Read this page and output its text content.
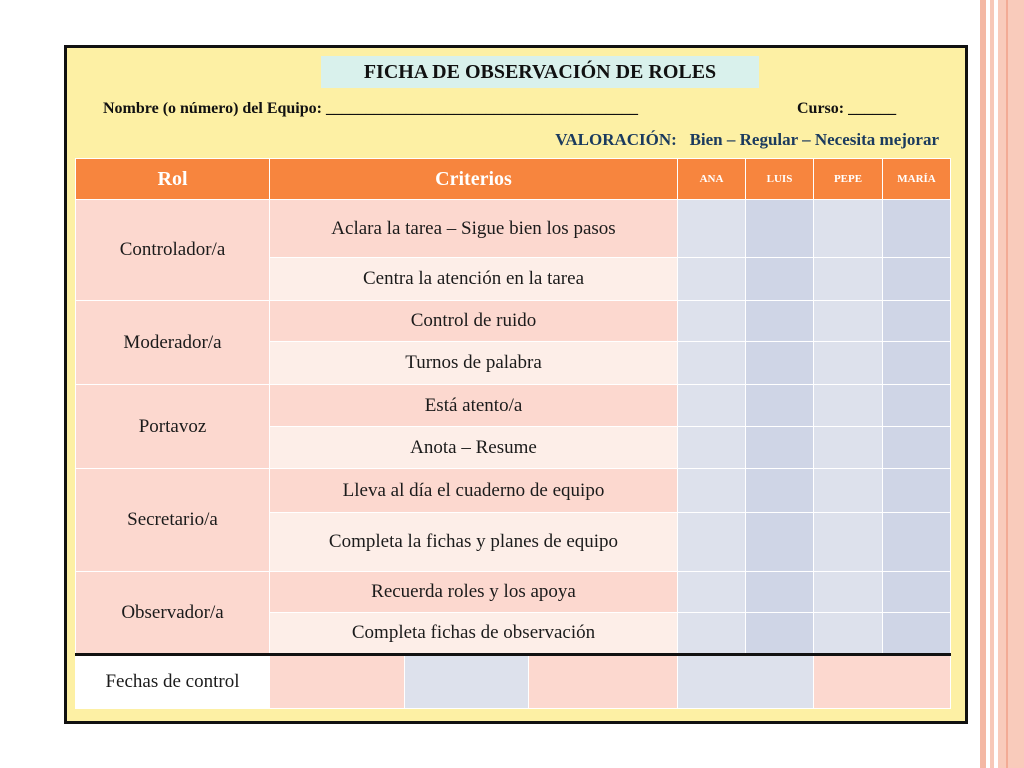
FICHA DE OBSERVACIÓN DE ROLES
Nombre (o número) del Equipo: _______________________________________	Curso: ______
VALORACIÓN:   Bien – Regular – Necesita mejorar
Rol	Criterios			ANA	LUIS	PEPE	MARÍA
Controlador/a	Aclara la tarea – Sigue bien los pasos						
	Centra la atención en la tarea						
Moderador/a	Control de ruido						
	Turnos de palabra						
Portavoz	Está atento/a						
	Anota – Resume						
Secretario/a	Lleva al día el cuaderno de equipo						
	Completa la fichas y planes de equipo						
Observador/a	Recuerda roles y los apoya						
	Completa fichas de observación						
Fechas de control							
